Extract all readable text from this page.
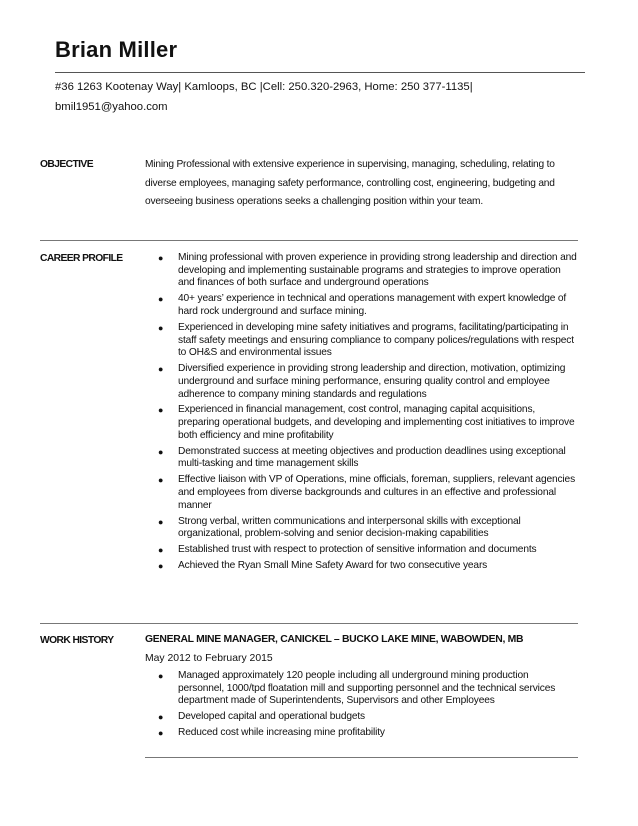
Brian Miller
#36 1263 Kootenay Way| Kamloops, BC |Cell: 250.320-2963, Home: 250 377-1135|
bmil1951@yahoo.com
OBJECTIVE	Mining Professional with extensive experience in supervising, managing, scheduling, relating to diverse employees, managing safety performance, controlling cost, engineering, budgeting and overseeing business operations seeks a challenging position within your team.
CAREER PROFILE	● Mining professional with proven experience in providing strong leadership and direction and developing and implementing sustainable programs and strategies to improve operation and finances of both surface and underground operations
● 40+ years’ experience in technical and operations management with expert knowledge of hard rock underground and surface mining.
● Experienced in developing mine safety initiatives and programs, facilitating/participating in staff safety meetings and ensuring compliance to company polices/regulations with respect to OH&S and environmental issues
● Diversified experience in providing strong leadership and direction, motivation, optimizing underground and surface mining performance, ensuring quality control and employee adherence to company mining standards and regulations
● Experienced in financial management, cost control, managing capital acquisitions, preparing operational budgets, and developing and implementing cost initiatives to improve both efficiency and mine profitability
● Demonstrated success at meeting objectives and production deadlines using exceptional multi-tasking and time management skills
● Effective liaison with VP of Operations, mine officials, foreman, suppliers, relevant agencies and employees from diverse backgrounds and cultures in an effective and professional manner
● Strong verbal, written communications and interpersonal skills with exceptional organizational, problem-solving and senior decision-making capabilities
● Established trust with respect to protection of sensitive information and documents
● Achieved the Ryan Small Mine Safety Award for two consecutive years
WORK HISTORY	GENERAL MINE MANAGER, CANICKEL – BUCKO LAKE MINE, WABOWDEN, MB
May 2012 to February 2015
● Managed approximately 120 people including all underground mining production personnel, 1000/tpd floatation mill and supporting personnel and the technical services department made of Superintendents, Supervisors and other Employees
● Developed capital and operational budgets
● Reduced cost while increasing mine profitability
